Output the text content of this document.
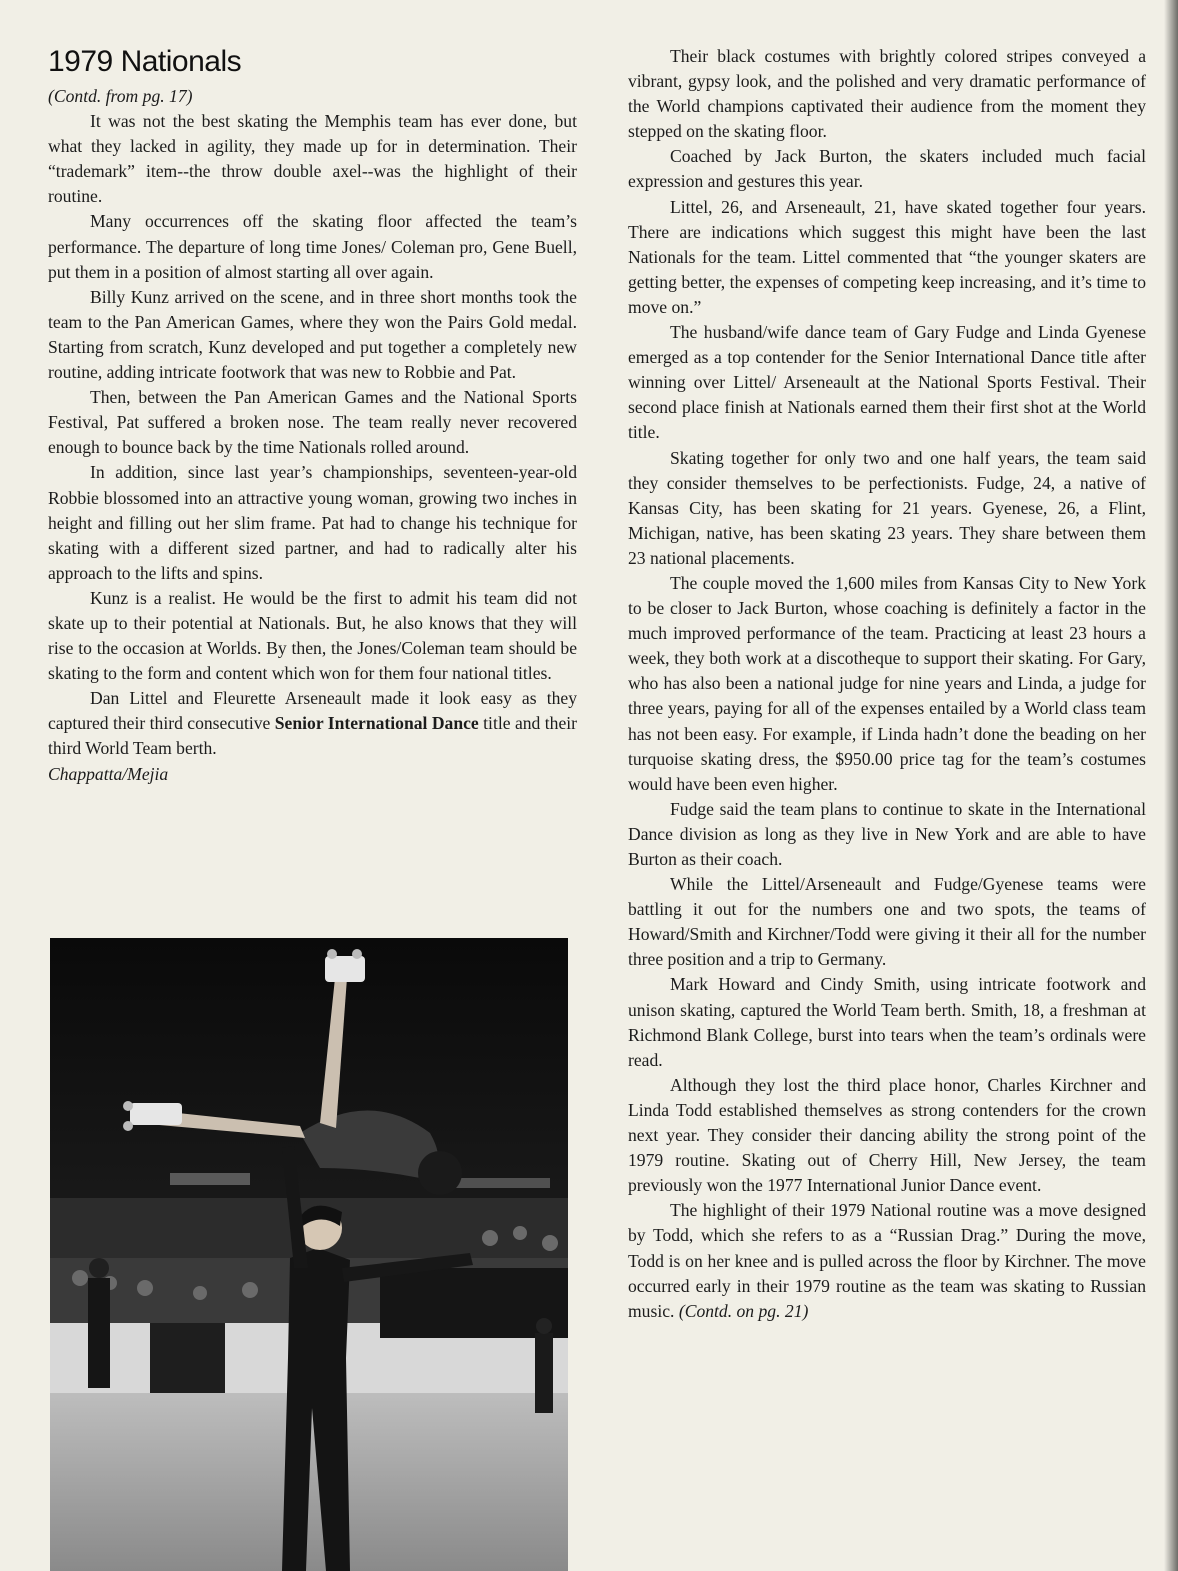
1979 Nationals

(Contd. from pg. 17)

It was not the best skating the Memphis team has ever done, but what they lacked in agility, they made up for in determination. Their “trademark” item--the throw double axel--was the highlight of their routine.

Many occurrences off the skating floor affected the team’s performance. The departure of long time Jones/ Coleman pro, Gene Buell, put them in a position of almost starting all over again.

Billy Kunz arrived on the scene, and in three short months took the team to the Pan American Games, where they won the Pairs Gold medal. Starting from scratch, Kunz developed and put together a completely new routine, adding intricate footwork that was new to Robbie and Pat.

Then, between the Pan American Games and the National Sports Festival, Pat suffered a broken nose. The team really never recovered enough to bounce back by the time Nationals rolled around.

In addition, since last year’s championships, seventeen-year-old Robbie blossomed into an attractive young woman, growing two inches in height and filling out her slim frame. Pat had to change his technique for skating with a different sized partner, and had to radically alter his approach to the lifts and spins.

Kunz is a realist. He would be the first to admit his team did not skate up to their potential at Nationals. But, he also knows that they will rise to the occasion at Worlds. By then, the Jones/Coleman team should be skating to the form and content which won for them four national titles.

Dan Littel and Fleurette Arseneault made it look easy as they captured their third consecutive Senior International Dance title and their third World Team berth.

Chappatta/Mejia

Their black costumes with brightly colored stripes conveyed a vibrant, gypsy look, and the polished and very dramatic performance of the World champions captivated their audience from the moment they stepped on the skating floor.

Coached by Jack Burton, the skaters included much facial expression and gestures this year.

Littel, 26, and Arseneault, 21, have skated together four years. There are indications which suggest this might have been the last Nationals for the team. Littel commented that “the younger skaters are getting better, the expenses of competing keep increasing, and it’s time to move on.”

The husband/wife dance team of Gary Fudge and Linda Gyenese emerged as a top contender for the Senior International Dance title after winning over Littel/ Arseneault at the National Sports Festival. Their second place finish at Nationals earned them their first shot at the World title.

Skating together for only two and one half years, the team said they consider themselves to be perfectionists. Fudge, 24, a native of Kansas City, has been skating for 21 years. Gyenese, 26, a Flint, Michigan, native, has been skating 23 years. They share between them 23 national placements.

The couple moved the 1,600 miles from Kansas City to New York to be closer to Jack Burton, whose coaching is definitely a factor in the much improved performance of the team. Practicing at least 23 hours a week, they both work at a discotheque to support their skating. For Gary, who has also been a national judge for nine years and Linda, a judge for three years, paying for all of the expenses entailed by a World class team has not been easy. For example, if Linda hadn’t done the beading on her turquoise skating dress, the $950.00 price tag for the team’s costumes would have been even higher.

Fudge said the team plans to continue to skate in the International Dance division as long as they live in New York and are able to have Burton as their coach.

While the Littel/Arseneault and Fudge/Gyenese teams were battling it out for the numbers one and two spots, the teams of Howard/Smith and Kirchner/Todd were giving it their all for the number three position and a trip to Germany.

Mark Howard and Cindy Smith, using intricate footwork and unison skating, captured the World Team berth. Smith, 18, a freshman at Richmond Blank College, burst into tears when the team’s ordinals were read.

Although they lost the third place honor, Charles Kirchner and Linda Todd established themselves as strong contenders for the crown next year. They consider their dancing ability the strong point of the 1979 routine. Skating out of Cherry Hill, New Jersey, the team previously won the 1977 International Junior Dance event.

The highlight of their 1979 National routine was a move designed by Todd, which she refers to as a “Russian Drag.” During the move, Todd is on her knee and is pulled across the floor by Kirchner. The move occurred early in their 1979 routine as the team was skating to Russian music. (Contd. on pg. 21)
